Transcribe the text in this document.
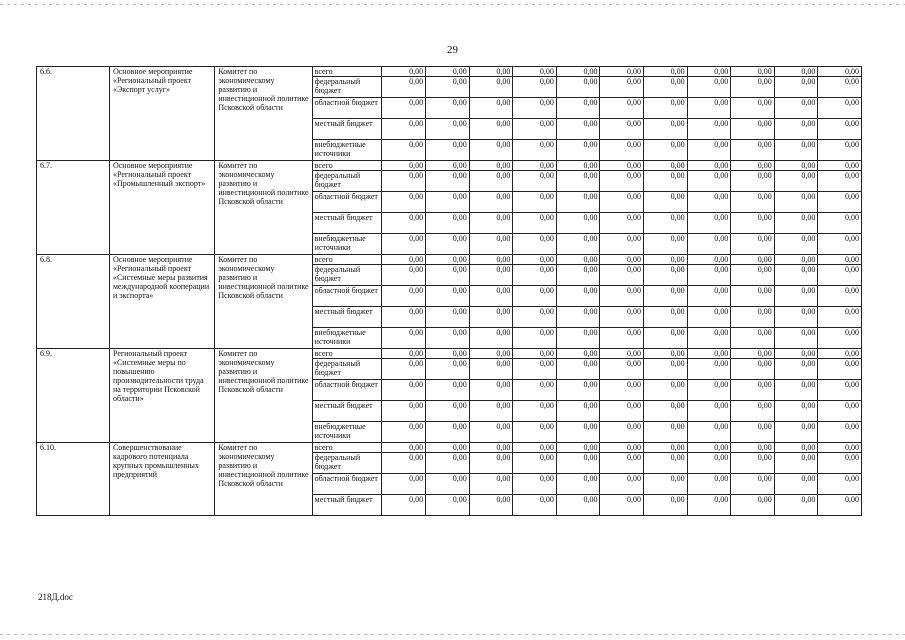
29
6.6.	Основное мероприятие «Региональный проект «Экспорт услуг»	Комитет по экономическому развитию и инвестиционной политике Псковской области	всего	0,00	0,00	0,00	0,00	0,00	0,00	0,00	0,00	0,00	0,00	0,00
			федеральный бюджет	0,00	0,00	0,00	0,00	0,00	0,00	0,00	0,00	0,00	0,00	0,00
			областной бюджет	0,00	0,00	0,00	0,00	0,00	0,00	0,00	0,00	0,00	0,00	0,00
			местный бюджет	0,00	0,00	0,00	0,00	0,00	0,00	0,00	0,00	0,00	0,00	0,00
			внебюджетные источники	0,00	0,00	0,00	0,00	0,00	0,00	0,00	0,00	0,00	0,00	0,00
6.7.	Основное мероприятие «Региональный проект «Промышленный экспорт»	Комитет по экономическому развитию и инвестиционной политике Псковской области	всего	0,00	0,00	0,00	0,00	0,00	0,00	0,00	0,00	0,00	0,00	0,00
			федеральный бюджет	0,00	0,00	0,00	0,00	0,00	0,00	0,00	0,00	0,00	0,00	0,00
			областной бюджет	0,00	0,00	0,00	0,00	0,00	0,00	0,00	0,00	0,00	0,00	0,00
			местный бюджет	0,00	0,00	0,00	0,00	0,00	0,00	0,00	0,00	0,00	0,00	0,00
			внебюджетные источники	0,00	0,00	0,00	0,00	0,00	0,00	0,00	0,00	0,00	0,00	0,00
6.8.	Основное мероприятие «Региональный проект «Системные меры развития международной кооперации и экспорта»	Комитет по экономическому развитию и инвестиционной политике Псковской области	всего	0,00	0,00	0,00	0,00	0,00	0,00	0,00	0,00	0,00	0,00	0,00
			федеральный бюджет	0,00	0,00	0,00	0,00	0,00	0,00	0,00	0,00	0,00	0,00	0,00
			областной бюджет	0,00	0,00	0,00	0,00	0,00	0,00	0,00	0,00	0,00	0,00	0,00
			местный бюджет	0,00	0,00	0,00	0,00	0,00	0,00	0,00	0,00	0,00	0,00	0,00
			внебюджетные источники	0,00	0,00	0,00	0,00	0,00	0,00	0,00	0,00	0,00	0,00	0,00
6.9.	Региональный проект «Системные меры по повышению производительности труда на территории Псковской области»	Комитет по экономическому развитию и инвестиционной политике Псковской области	всего	0,00	0,00	0,00	0,00	0,00	0,00	0,00	0,00	0,00	0,00	0,00
			федеральный бюджет	0,00	0,00	0,00	0,00	0,00	0,00	0,00	0,00	0,00	0,00	0,00
			областной бюджет	0,00	0,00	0,00	0,00	0,00	0,00	0,00	0,00	0,00	0,00	0,00
			местный бюджет	0,00	0,00	0,00	0,00	0,00	0,00	0,00	0,00	0,00	0,00	0,00
			внебюджетные источники	0,00	0,00	0,00	0,00	0,00	0,00	0,00	0,00	0,00	0,00	0,00
6.10.	Совершенствование кадрового потенциала крупных промышленных предприятий	Комитет по экономическому развитию и инвестиционной политике Псковской области	всего	0,00	0,00	0,00	0,00	0,00	0,00	0,00	0,00	0,00	0,00	0,00
			федеральный бюджет	0,00	0,00	0,00	0,00	0,00	0,00	0,00	0,00	0,00	0,00	0,00
			областной бюджет	0,00	0,00	0,00	0,00	0,00	0,00	0,00	0,00	0,00	0,00	0,00
			местный бюджет	0,00	0,00	0,00	0,00	0,00	0,00	0,00	0,00	0,00	0,00	0,00
218Д.doc
